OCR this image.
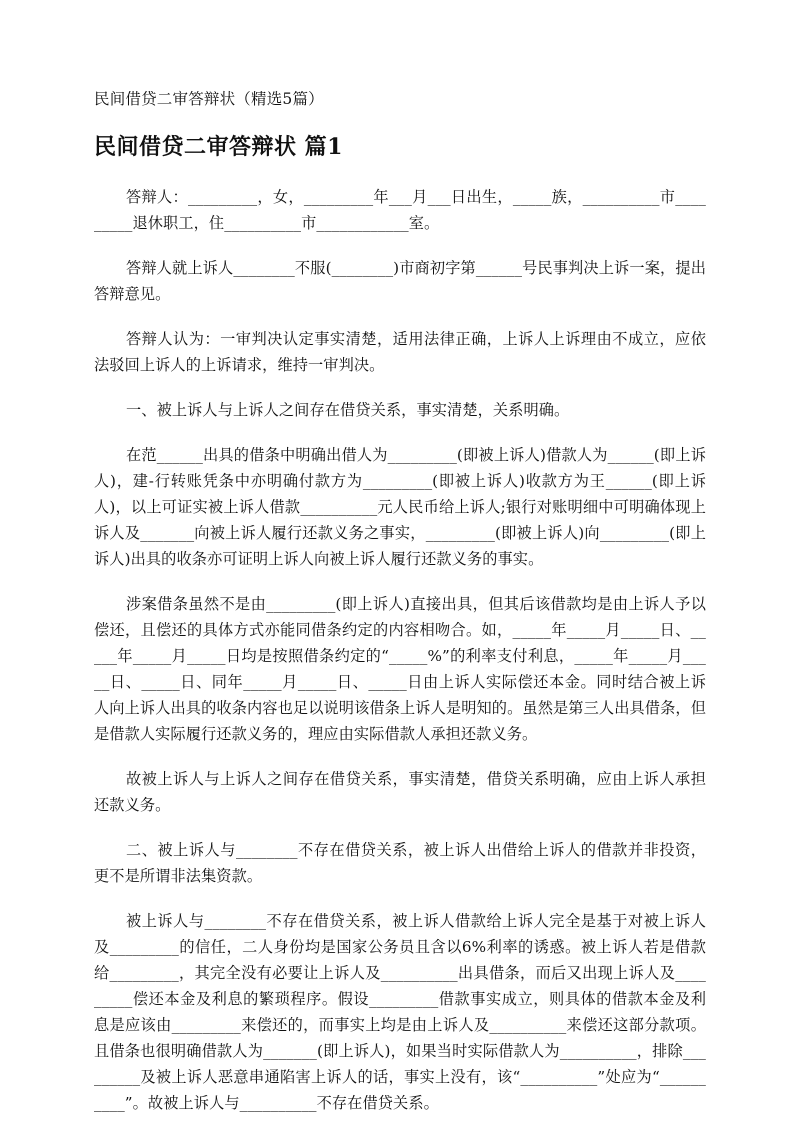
民间借贷二审答辩状（精选5篇）
民间借贷二审答辩状 篇1

答辩人：_________，女，_________年___月___日出生，_____族，__________市_________退休职工，住__________市____________室。

答辩人就上诉人________不服(________)市商初字第______号民事判决上诉一案，提出答辩意见。

答辩人认为：一审判决认定事实清楚，适用法律正确，上诉人上诉理由不成立，应依法驳回上诉人的上诉请求，维持一审判决。

一、被上诉人与上诉人之间存在借贷关系，事实清楚，关系明确。

在范______出具的借条中明确出借人为_________(即被上诉人)借款人为______(即上诉人)，建-行转账凭条中亦明确付款方为_________(即被上诉人)收款方为王______(即上诉人)，以上可证实被上诉人借款__________元人民币给上诉人;银行对账明细中可明确体现上诉人及_______向被上诉人履行还款义务之事实，_________(即被上诉人)向_________(即上诉人)出具的收条亦可证明上诉人向被上诉人履行还款义务的事实。

涉案借条虽然不是由_________(即上诉人)直接出具，但其后该借款均是由上诉人予以偿还，且偿还的具体方式亦能同借条约定的内容相吻合。如，_____年_____月_____日、_____年_____月_____日均是按照借条约定的“_____%”的利率支付利息，_____年_____月_____日、_____日、同年_____月_____日、_____日由上诉人实际偿还本金。同时结合被上诉人向上诉人出具的收条内容也足以说明该借条上诉人是明知的。虽然是第三人出具借条，但是借款人实际履行还款义务的，理应由实际借款人承担还款义务。

故被上诉人与上诉人之间存在借贷关系，事实清楚，借贷关系明确，应由上诉人承担还款义务。

二、被上诉人与________不存在借贷关系，被上诉人出借给上诉人的借款并非投资，更不是所谓非法集资款。

被上诉人与________不存在借贷关系，被上诉人借款给上诉人完全是基于对被上诉人及_________的信任，二人身份均是国家公务员且含以6%利率的诱惑。被上诉人若是借款给_________，其完全没有必要让上诉人及__________出具借条，而后又出现上诉人及_________偿还本金及利息的繁琐程序。假设_________借款事实成立，则具体的借款本金及利息是应该由_________来偿还的，而事实上均是由上诉人及__________来偿还这部分款项。且借条也很明确借款人为_______(即上诉人)，如果当时实际借款人为__________，排除_________及被上诉人恶意串通陷害上诉人的话，事实上没有，该“__________”处应为“__________”。故被上诉人与__________不存在借贷关系。
